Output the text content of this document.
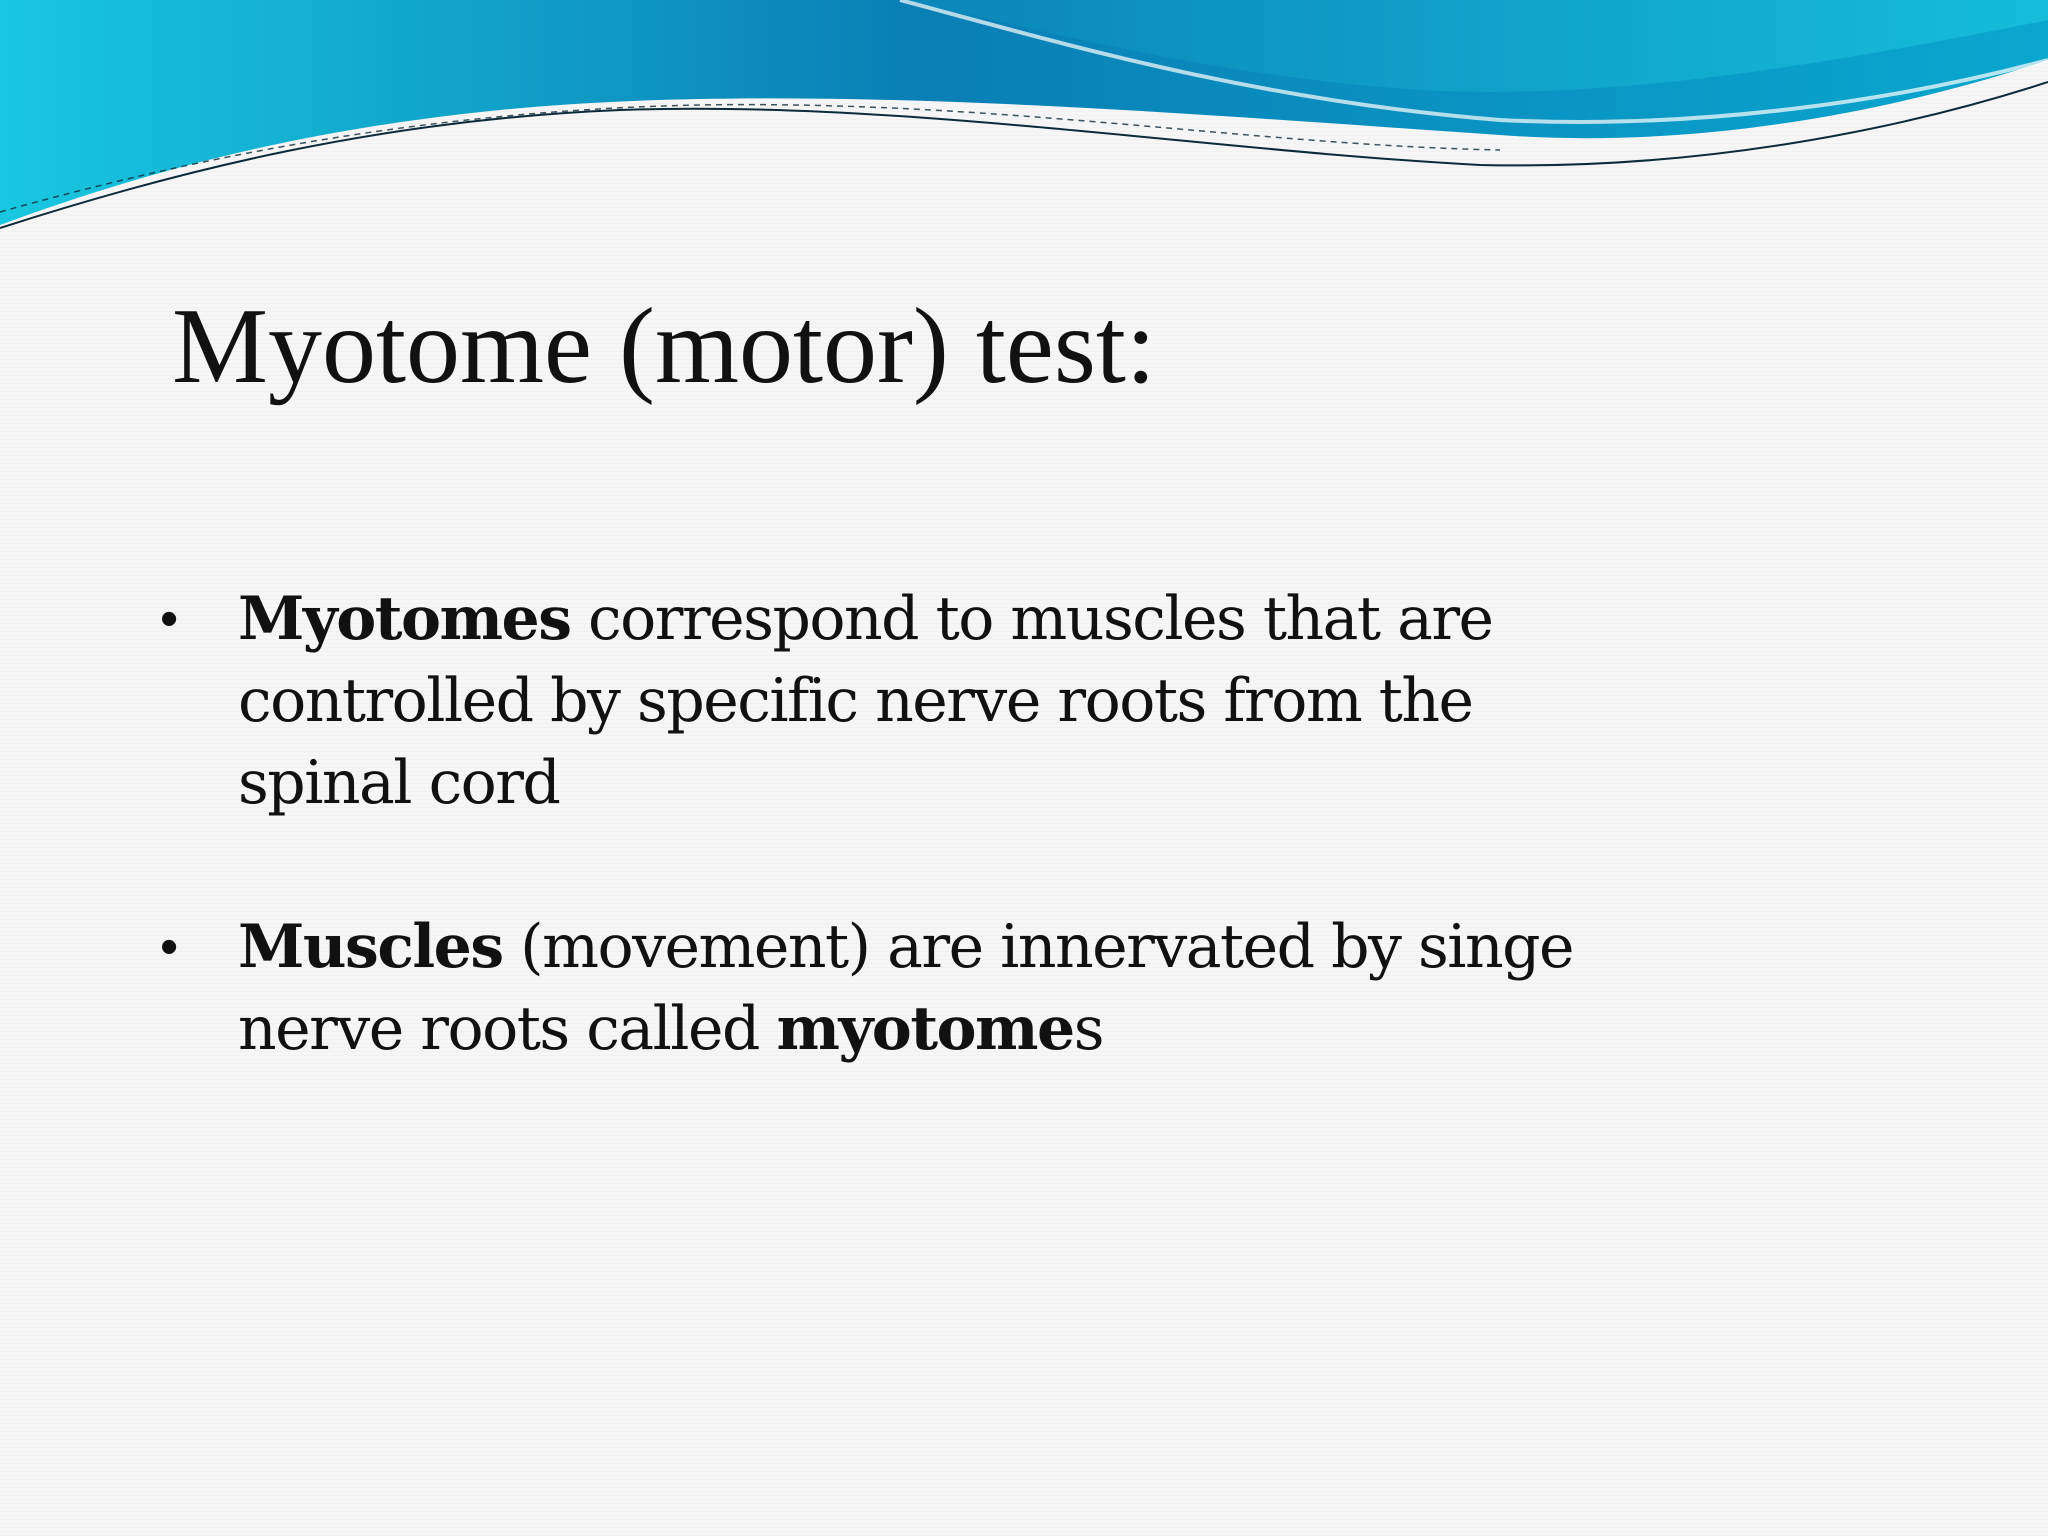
Myotome (motor) test:
• Myotomes correspond to muscles that are controlled by specific nerve roots from the spinal cord
• Muscles (movement) are innervated by singe nerve roots called myotomes
